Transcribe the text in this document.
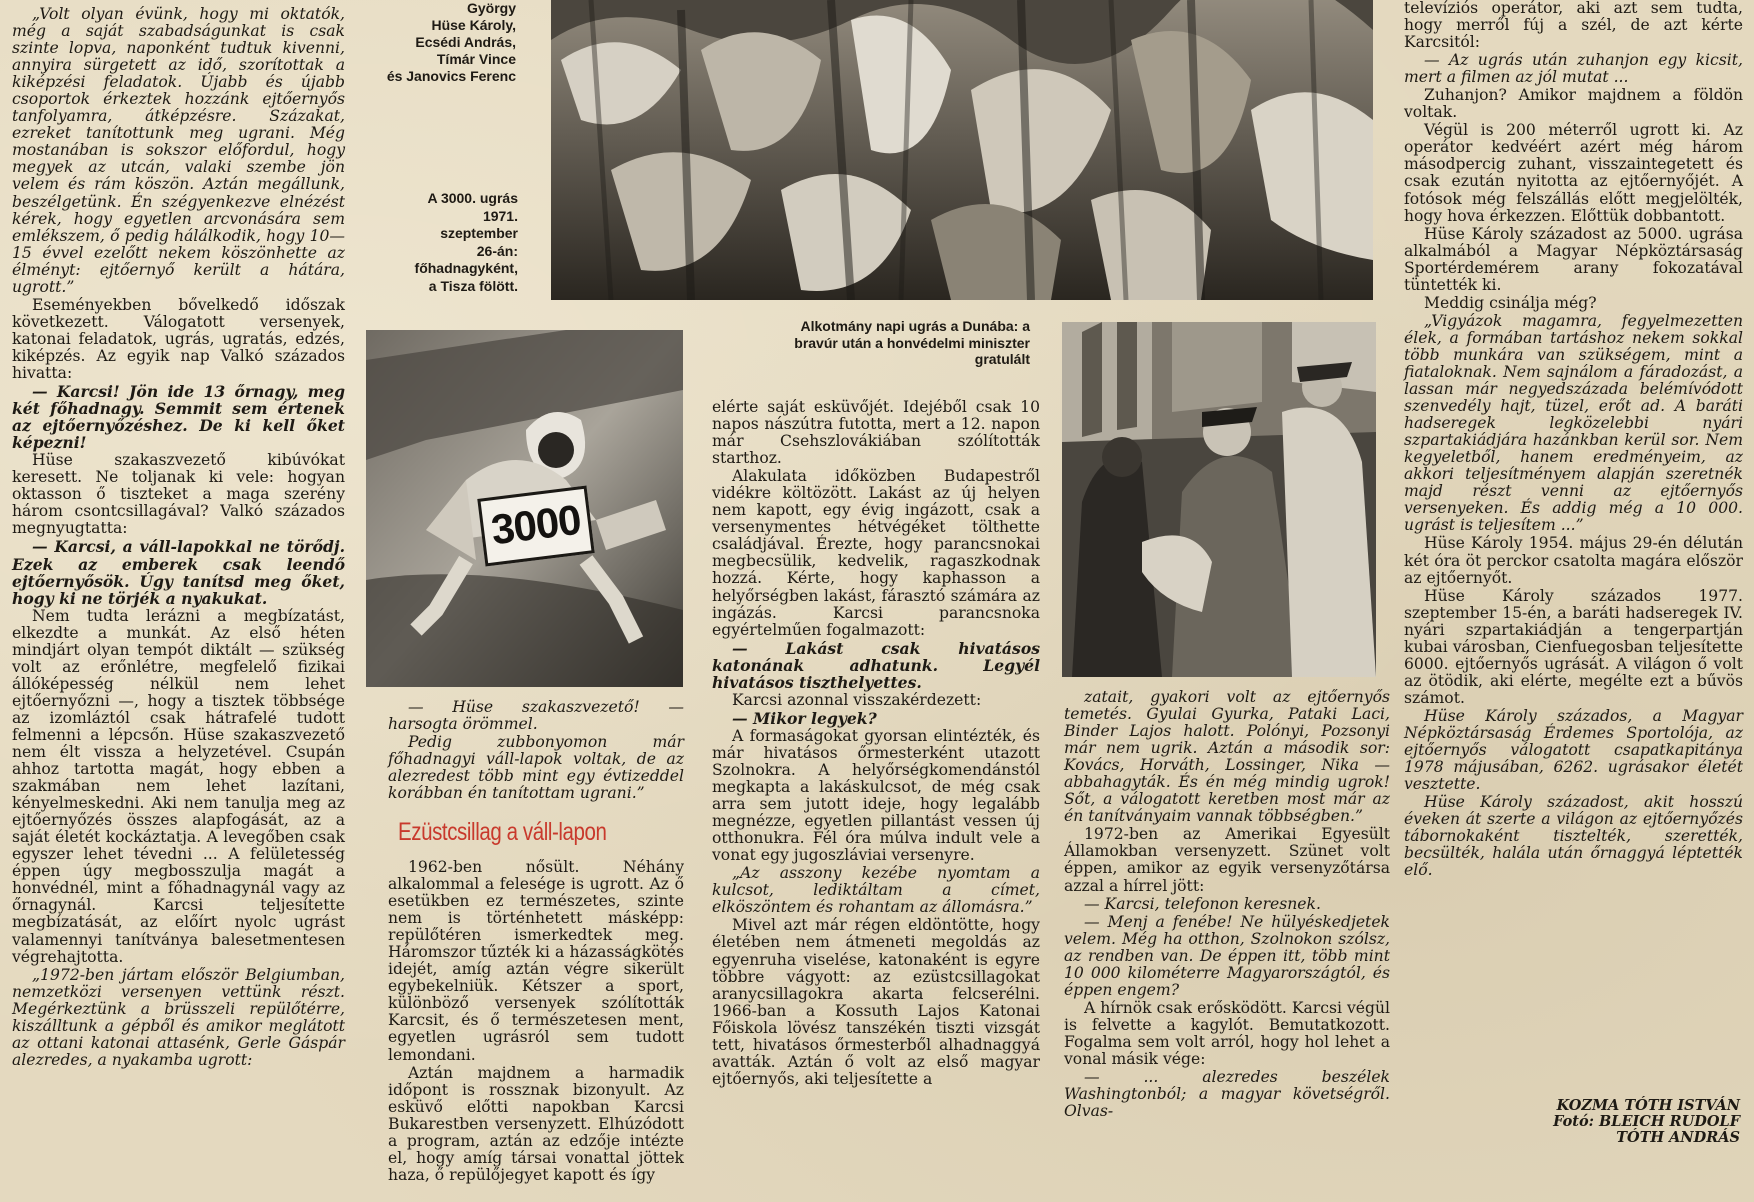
„Volt olyan évünk, hogy mi oktatók, még a saját szabadságunkat is csak szinte lopva, naponként tudtuk kivenni, annyira sürgetett az idő, szorítottak a kiképzési feladatok. Újabb és újabb csoportok érkeztek hozzánk ejtőernyős tanfolyamra, átképzésre. Százakat, ezreket tanítottunk meg ugrani. Még mostanában is sokszor előfordul, hogy megyek az utcán, valaki szembe jön velem és rám köszön. Aztán megállunk, beszélgetünk. Én szégyenkezve elnézést kérek, hogy egyetlen arcvonására sem emlékszem, ő pedig hálálkodik, hogy 10—15 évvel ezelőtt nekem köszönhette az élményt: ejtőernyő került a hátára, ugrott.”

Eseményekben bővelkedő időszak következett. Válogatott versenyek, katonai feladatok, ugrás, ugratás, edzés, kiképzés. Az egyik nap Valkó százados hivatta:

— Karcsi! Jön ide 13 őrnagy, meg két főhadnagy. Semmit sem értenek az ejtőernyőzéshez. De ki kell őket képezni!

Hüse szakaszvezető kibúvókat keresett. Ne toljanak ki vele: hogyan oktasson ő tiszteket a maga szerény három csontcsillagával? Valkó százados megnyugtatta:

— Karcsi, a váll-lapokkal ne törődj. Ezek az emberek csak leendő ejtőernyősök. Úgy tanítsd meg őket, hogy ki ne törjék a nyakukat.

Nem tudta lerázni a megbízatást, elkezdte a munkát. Az első héten mindjárt olyan tempót diktált — szükség volt az erőnlétre, megfelelő fizikai állóképesség nélkül nem lehet ejtőernyőzni —, hogy a tisztek többsége az izomláztól csak hátrafelé tudott felmenni a lépcsőn. Hüse szakaszvezető nem élt vissza a helyzetével. Csupán ahhoz tartotta magát, hogy ebben a szakmában nem lehet lazítani, kényelmeskedni. Aki nem tanulja meg az ejtőernyőzés összes alapfogását, az a saját életét kockáztatja. A levegőben csak egyszer lehet tévedni ... A felületesség éppen úgy megbosszulja magát a honvédnél, mint a főhadnagynál vagy az őrnagynál. Karcsi teljesítette megbízatását, az előírt nyolc ugrást valamennyi tanítványa balesetmentesen végrehajtotta.

„1972-ben jártam először Belgiumban, nemzetközi versenyen vettünk részt. Megérkeztünk a brüsszeli repülőtérre, kiszálltunk a gépből és amikor meglátott az ottani katonai attasénk, Gerle Gáspár alezredes, a nyakamba ugrott:

György
Hüse Károly,
Ecsédi András,
Tímár Vince
és Janovics Ferenc
A 3000. ugrás
1971.
szeptember
26-án:
főhadnagyként,
a Tisza fölött.
Alkotmány napi ugrás a Dunába: a
bravúr után a honvédelmi miniszter
gratulált
3000

— Hüse szakaszvezető! — harsogta örömmel.

Pedig zubbonyomon már főhadnagyi váll-lapok voltak, de az alezredest több mint egy évtizeddel korábban én tanítottam ugrani.”

Ezüstcsillag a váll-lapon

1962-ben nősült. Néhány alkalommal a felesége is ugrott. Az ő esetükben ez természetes, szinte nem is történhetett másképp: repülőtéren ismerkedtek meg. Háromszor tűzték ki a házasságkötés idejét, amíg aztán végre sikerült egybekelniük. Kétszer a sport, különböző versenyek szólították Karcsit, és ő természetesen ment, egyetlen ugrásról sem tudott lemondani.

Aztán majdnem a harmadik időpont is rossznak bizonyult. Az esküvő előtti napokban Karcsi Bukarestben versenyzett. Elhúzódott a program, aztán az edzője intézte el, hogy amíg társai vonattal jöttek haza, ő repülőjegyet kapott és így

elérte saját esküvőjét. Idejéből csak 10 napos nászútra futotta, mert a 12. napon már Csehszlovákiában szólították starthoz.

Alakulata időközben Budapestről vidékre költözött. Lakást az új helyen nem kapott, egy évig ingázott, csak a versenymentes hétvégéket tölthette családjával. Érezte, hogy parancsnokai megbecsülik, kedvelik, ragaszkodnak hozzá. Kérte, hogy kaphasson a helyőrségben lakást, fárasztó számára az ingázás. Karcsi parancsnoka egyértelműen fogalmazott:

— Lakást csak hivatásos katonának adhatunk. Legyél hivatásos tiszthelyettes.

Karcsi azonnal visszakérdezett:

— Mikor legyek?

A formaságokat gyorsan elintézték, és már hivatásos őrmesterként utazott Szolnokra. A helyőrségkomendánstól megkapta a lakáskulcsot, de még csak arra sem jutott ideje, hogy legalább megnézze, egyetlen pillantást vessen új otthonukra. Fél óra múlva indult vele a vonat egy jugoszláviai versenyre.

„Az asszony kezébe nyomtam a kulcsot, lediktáltam a címet, elköszöntem és rohantam az állomásra.”

Mivel azt már régen eldöntötte, hogy életében nem átmeneti megoldás az egyenruha viselése, katonaként is egyre többre vágyott: az ezüstcsillagokat aranycsillagokra akarta felcserélni. 1966-ban a Kossuth Lajos Katonai Főiskola lövész tanszékén tiszti vizsgát tett, hivatásos őrmesterből alhadnaggyá avatták. Aztán ő volt az első magyar ejtőernyős, aki teljesítette a

zatait, gyakori volt az ejtőernyős temetés. Gyulai Gyurka, Pataki Laci, Binder Lajos halott. Polónyi, Pozsonyi már nem ugrik. Aztán a második sor: Kovács, Horváth, Lossinger, Nika — abbahagyták. És én még mindig ugrok! Sőt, a válogatott keretben most már az én tanítványaim vannak többségben.”

1972-ben az Amerikai Egyesült Államokban versenyzett. Szünet volt éppen, amikor az egyik versenyzőtársa azzal a hírrel jött:

— Karcsi, telefonon keresnek.

— Menj a fenébe! Ne hülyéskedjetek velem. Még ha otthon, Szolnokon szólsz, az rendben van. De éppen itt, több mint 10 000 kilométerre Magyarországtól, és éppen engem?

A hírnök csak erősködött. Karcsi végül is felvette a kagylót. Bemutatkozott. Fogalma sem volt arról, hogy hol lehet a vonal másik vége:

— ... alezredes beszélek Washingtonból; a magyar követségről. Olvas-

televíziós operátor, aki azt sem tudta, hogy merről fúj a szél, de azt kérte Karcsitól:

— Az ugrás után zuhanjon egy kicsit, mert a filmen az jól mutat ...

Zuhanjon? Amikor majdnem a földön voltak.

Végül is 200 méterről ugrott ki. Az operátor kedvéért azért még három másodpercig zuhant, visszaintegetett és csak ezután nyitotta az ejtőernyőjét. A fotósok még felszállás előtt megjelölték, hogy hova érkezzen. Előttük dobbantott.

Hüse Károly századost az 5000. ugrása alkalmából a Magyar Népköztársaság Sportérdemérem arany fokozatával tüntették ki.

Meddig csinálja még?

„Vigyázok magamra, fegyelmezetten élek, a formában tartáshoz nekem sokkal több munkára van szükségem, mint a fiataloknak. Nem sajnálom a fáradozást, a lassan már negyedszázada belémívódott szenvedély hajt, tüzel, erőt ad. A baráti hadseregek legközelebbi nyári szpartakiádjára hazánkban kerül sor. Nem kegyeletből, hanem eredményeim, az akkori teljesítményem alapján szeretnék majd részt venni az ejtőernyős versenyeken. És addig még a 10 000. ugrást is teljesítem ...”

Hüse Károly 1954. május 29-én délután két óra öt perckor csatolta magára először az ejtőernyőt.

Hüse Károly százados 1977. szeptember 15-én, a baráti hadseregek IV. nyári szpartakiádján a tengerpartján kubai városban, Cienfuegosban teljesítette 6000. ejtőernyős ugrását. A világon ő volt az ötödik, aki elérte, megélte ezt a bűvös számot.

Hüse Károly százados, a Magyar Népköztársaság Érdemes Sportolója, az ejtőernyős válogatott csapatkapitánya 1978 májusában, 6262. ugrásakor életét vesztette.

Hüse Károly századost, akit hosszú éveken át szerte a világon az ejtőernyőzés tábornokaként tisztelték, szerették, becsülték, halála után őrnaggyá léptették elő.

KOZMA TÓTH ISTVÁN
Fotó: BLEICH RUDOLF
TÓTH ANDRÁS
